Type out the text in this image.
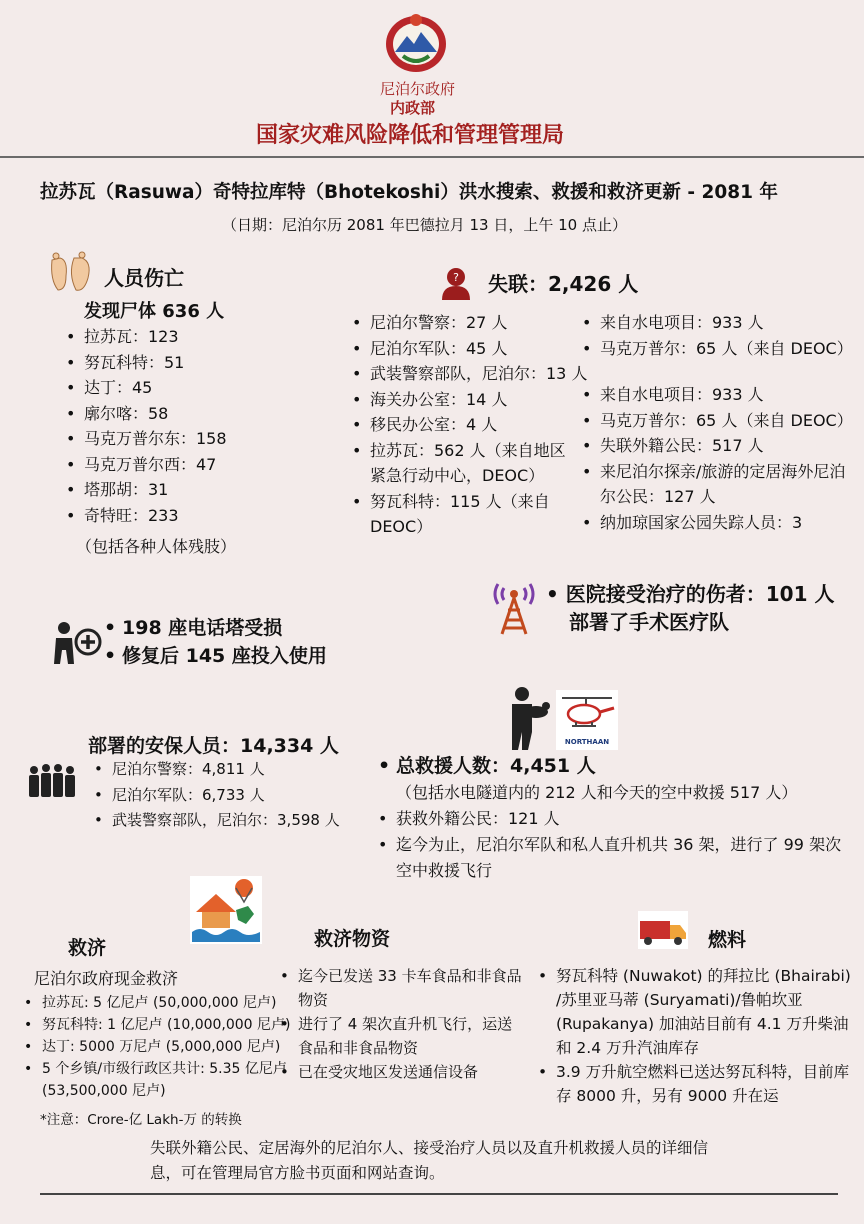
尼泊尔政府
内政部
国家灾难风险降低和管理管理局
拉苏瓦（Rasuwa）奇特拉库特（Bhotekoshi）洪水搜索、救援和救济更新 - 2081 年
（日期：尼泊尔历 2081 年巴德拉月 13 日，上午 10 点止）
人员伤亡
发现尸体 636 人
• 拉苏瓦：123
• 努瓦科特：51
• 达丁：45
• 廓尔喀：58
• 马克万普尔东：158
• 马克万普尔西：47
• 塔那胡：31
• 奇特旺：233
（包括各种人体残肢）
? 失联：2,426 人
• 尼泊尔警察：27 人
• 尼泊尔军队：45 人
• 武装警察部队，尼泊尔：13 人
• 海关办公室：14 人
• 移民办公室：4 人
• 拉苏瓦：562 人（来自地区紧急行动中心，DEOC）
• 努瓦科特：115 人（来自 DEOC）
• 来自水电项目：933 人
• 马克万普尔：65 人（来自 DEOC）
• 来自水电项目：933 人
• 马克万普尔：65 人（来自 DEOC）
• 失联外籍公民：517 人
• 来尼泊尔探亲/旅游的定居海外尼泊尔公民：127 人
• 纳加琼国家公园失踪人员：3
• 医院接受治疗的伤者：101 人
部署了手术医疗队
• 198 座电话塔受损
• 修复后 145 座投入使用
部署的安保人员：14,334 人
• 尼泊尔警察：4,811 人
• 尼泊尔军队：6,733 人
• 武装警察部队，尼泊尔：3,598 人
NORTHAAN
• 总救援人数：4,451 人
（包括水电隧道内的 212 人和今天的空中救援 517 人）
• 获救外籍公民：121 人
• 迄今为止，尼泊尔军队和私人直升机共 36 架，进行了 99 架次空中救援飞行
救济	救济物资	燃料
尼泊尔政府现金救济
• 拉苏瓦: 5 亿尼卢 (50,000,000 尼卢)
• 努瓦科特: 1 亿尼卢 (10,000,000 尼卢)
• 达丁: 5000 万尼卢 (5,000,000 尼卢)
• 5 个乡镇/市级行政区共计: 5.35 亿尼卢 (53,500,000 尼卢)
*注意：Crore-亿 Lakh-万 的转换
• 迄今已发送 33 卡车食品和非食品物资
• 进行了 4 架次直升机飞行，运送食品和非食品物资
• 已在受灾地区发送通信设备
• 努瓦科特 (Nuwakot) 的拜拉比 (Bhairabi) /苏里亚马蒂 (Suryamati)/鲁帕坎亚 (Rupakanya) 加油站目前有 4.1 万升柴油和 2.4 万升汽油库存
• 3.9 万升航空燃料已送达努瓦科特，目前库存 8000 升，另有 9000 升在运
失联外籍公民、定居海外的尼泊尔人、接受治疗人员以及直升机救援人员的详细信息，可在管理局官方脸书页面和网站查询。
